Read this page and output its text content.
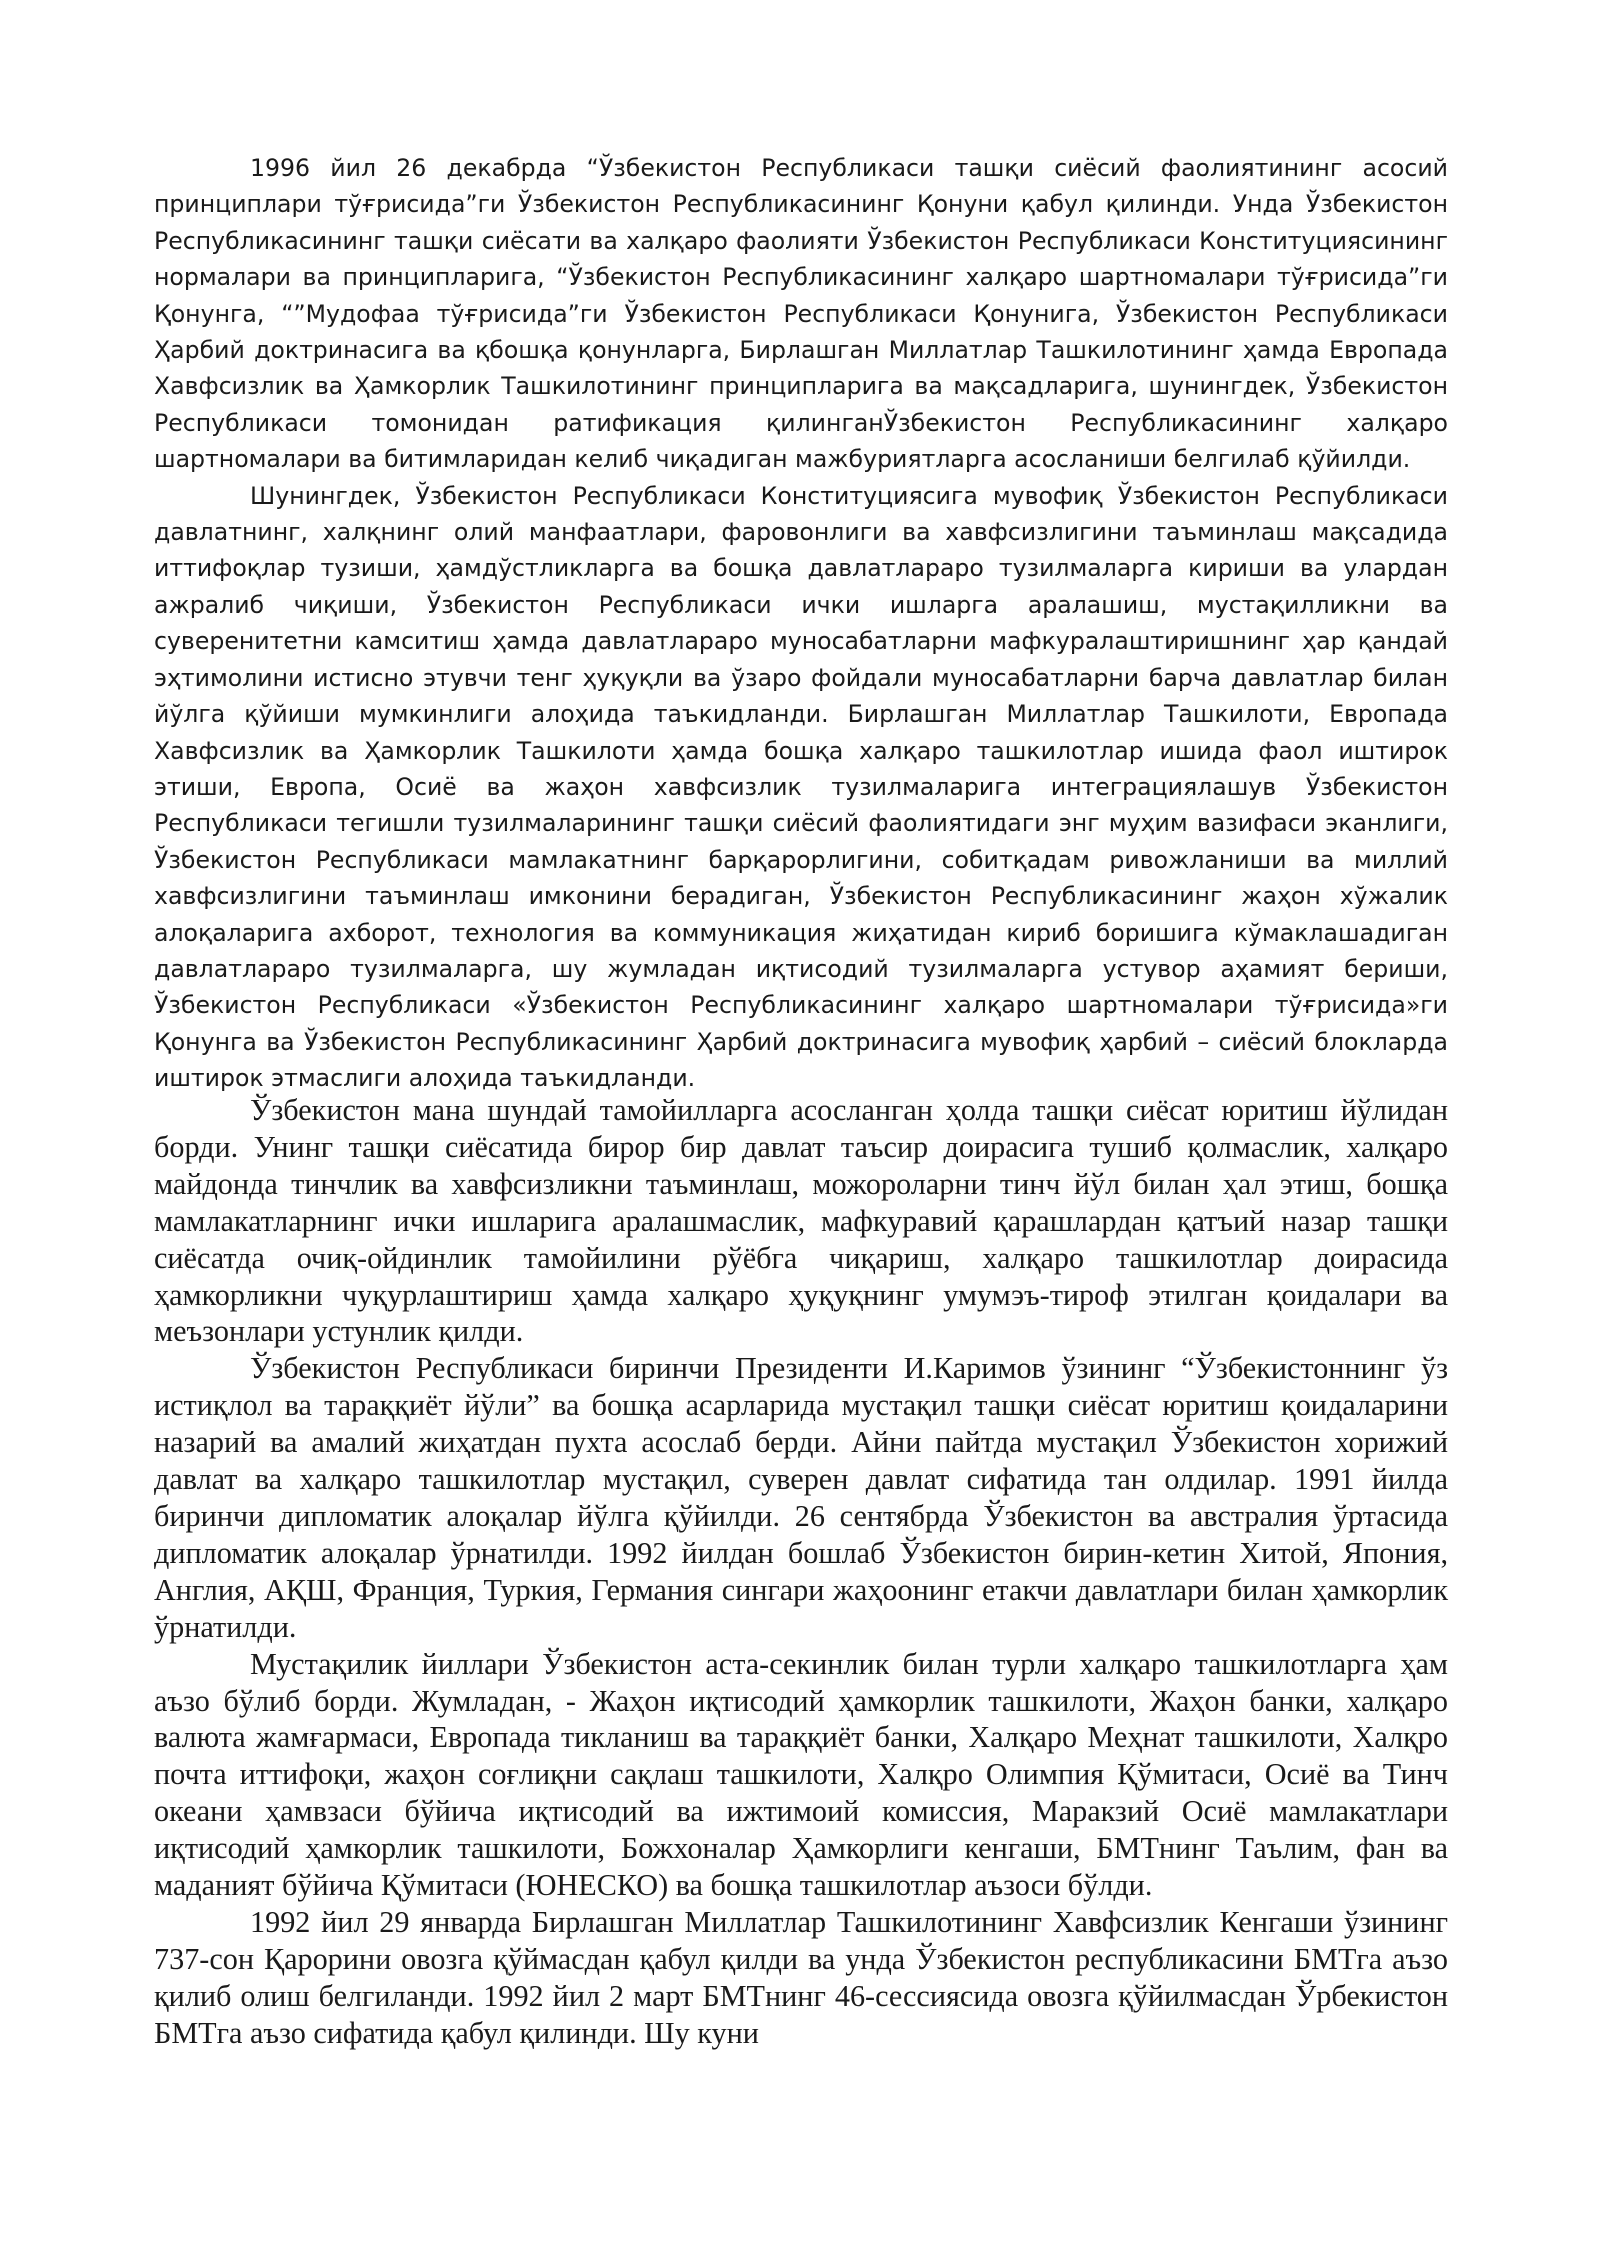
1996 йил 26 декабрда “Ўзбекистон Республикаси ташқи сиёсий фаолиятининг асосий принциплари тўғрисида”ги Ўзбекистон Республикасининг Қонуни қабул қилинди. Унда Ўзбекистон Республикасининг ташқи сиёсати ва халқаро фаолияти Ўзбекистон Республикаси Конституциясининг нормалари ва принципларига, “Ўзбекистон Республикасининг халқаро шартномалари тўғрисида”ги Қонунга, “”Мудофаа тўғрисида”ги Ўзбекистон Республикаси Қонунига, Ўзбекистон Республикаси Ҳарбий доктринасига ва қбошқа қонунларга, Бирлашган Миллатлар Ташкилотининг ҳамда Европада Хавфсизлик ва Ҳамкорлик Ташкилотининг принципларига ва мақсадларига, шунингдек, Ўзбекистон Республикаси томонидан ратификация қилинганЎзбекистон Республикасининг халқаро шартномалари ва битимларидан келиб чиқадиган мажбуриятларга асосланиши белгилаб қўйилди.

Шунингдек, Ўзбекистон Республикаси Конституциясига мувофиқ Ўзбекистон Республикаси давлатнинг, халқнинг олий манфаатлари, фаровонлиги ва хавфсизлигини таъминлаш мақсадида иттифоқлар тузиши, ҳамдўстликларга ва бошқа давлатлараро тузилмаларга кириши ва улардан ажралиб чиқиши, Ўзбекистон Республикаси ички ишларга аралашиш, мустақилликни ва суверенитетни камситиш ҳамда давлатлараро муносабатларни мафкуралаштиришнинг ҳар қандай эҳтимолини истисно этувчи тенг ҳуқуқли ва ўзаро фойдали муносабатларни барча давлатлар билан йўлга қўйиши мумкинлиги алоҳида таъкидланди. Бирлашган Миллатлар Ташкилоти, Европада Хавфсизлик ва Ҳамкорлик Ташкилоти ҳамда бошқа халқаро ташкилотлар ишида фаол иштирок этиши, Европа, Осиё ва жаҳон хавфсизлик тузилмаларига интеграциялашув Ўзбекистон Республикаси тегишли тузилмаларининг ташқи сиёсий фаолиятидаги энг муҳим вазифаси эканлиги, Ўзбекистон Республикаси мамлакатнинг барқарорлигини, собитқадам ривожланиши ва миллий хавфсизлигини таъминлаш имконини берадиган, Ўзбекистон Республикасининг жаҳон хўжалик алоқаларига ахборот, технология ва коммуникация жиҳатидан кириб боришига кўмаклашадиган давлатлараро тузилмаларга, шу жумладан иқтисодий тузилмаларга устувор аҳамият бериши, Ўзбекистон Республикаси «Ўзбекистон Республикасининг халқаро шартномалари тўғрисида»ги Қонунга ва Ўзбекистон Республикасининг Ҳарбий доктринасига мувофиқ ҳарбий – сиёсий блокларда иштирок этмаслиги алоҳида таъкидланди.

Ўзбекистон мана шундай тамойилларга асосланган ҳолда ташқи сиёсат юритиш йўлидан борди. Унинг ташқи сиёсатида бирор бир давлат таъсир доирасига тушиб қолмаслик, халқаро майдонда тинчлик ва хавфсизликни таъминлаш, можороларни тинч йўл билан ҳал этиш, бошқа мамлакатларнинг ички ишларига аралашмаслик, мафкуравий қарашлардан қатъий назар ташқи сиёсатда очиқ-ойдинлик тамойилини рўёбга чиқариш, халқаро ташкилотлар доирасида ҳамкорликни чуқурлаштириш ҳамда халқаро ҳуқуқнинг умумэъ-тироф этилган қоидалари ва меъзонлари устунлик қилди.

Ўзбекистон Республикаси биринчи Президенти И.Каримов ўзининг “Ўзбекистоннинг ўз истиқлол ва тараққиёт йўли” ва бошқа асарларида мустақил ташқи сиёсат юритиш қоидаларини назарий ва амалий жиҳатдан пухта асослаб берди. Айни пайтда мустақил Ўзбекистон хорижий давлат ва халқаро ташкилотлар мустақил, суверен давлат сифатида тан олдилар. 1991 йилда биринчи дипломатик алоқалар йўлга қўйилди. 26 сентябрда Ўзбекистон ва австралия ўртасида дипломатик алоқалар ўрнатилди. 1992 йилдан бошлаб Ўзбекистон бирин-кетин Хитой, Япония, Англия, АҚШ, Франция, Туркия, Германия сингари жаҳоонинг етакчи давлатлари билан ҳамкорлик ўрнатилди.

Мустақилик йиллари Ўзбекистон аста-секинлик билан турли халқаро ташкилотларга ҳам аъзо бўлиб борди. Жумладан, - Жаҳон иқтисодий ҳамкорлик ташкилоти, Жаҳон банки, халқаро валюта жамғармаси, Европада тикланиш ва тараққиёт банки, Халқаро Меҳнат ташкилоти, Халқро почта иттифоқи, жаҳон соғлиқни сақлаш ташкилоти, Халқро Олимпия Қўмитаси, Осиё ва Тинч океани ҳамвзаси бўйича иқтисодий ва ижтимоий комиссия, Маракзий Осиё мамлакатлари иқтисодий ҳамкорлик ташкилоти, Божхоналар Ҳамкорлиги кенгаши, БМТнинг Таълим, фан ва маданият бўйича Қўмитаси (ЮНЕСКО) ва бошқа ташкилотлар аъзоси бўлди.

1992 йил 29 январда Бирлашган Миллатлар Ташкилотининг Хавфсизлик Кенгаши ўзининг 737-сон Қарорини овозга қўймасдан қабул қилди ва унда Ўзбекистон республикасини БМТга аъзо қилиб олиш белгиланди. 1992 йил 2 март БМТнинг 46-сессиясида овозга қўйилмасдан Ўрбекистон БМТга аъзо сифатида қабул қилинди. Шу куни
